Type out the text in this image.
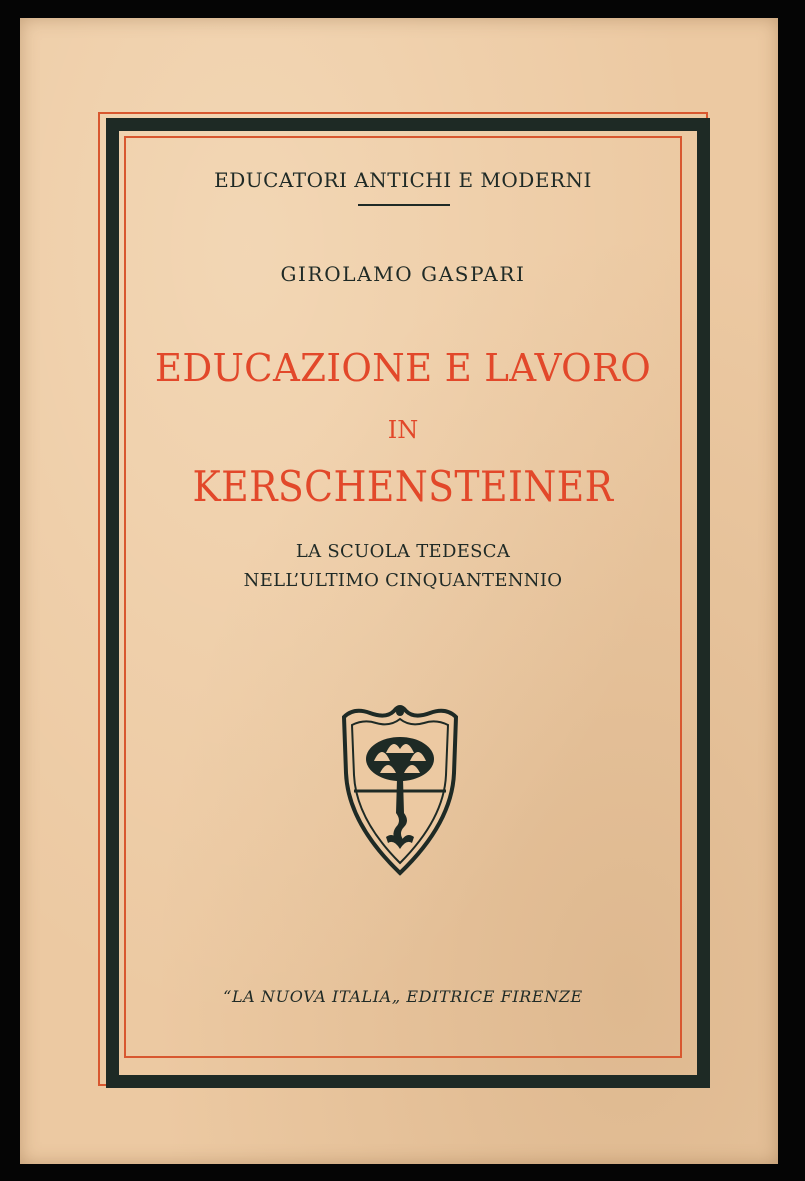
EDUCATORI ANTICHI E MODERNI
GIROLAMO GASPARI
EDUCAZIONE E LAVORO
IN
KERSCHENSTEINER
LA SCUOLA TEDESCA
NELL’ULTIMO CINQUANTENNIO
“LA NUOVA ITALIA„ EDITRICE FIRENZE
